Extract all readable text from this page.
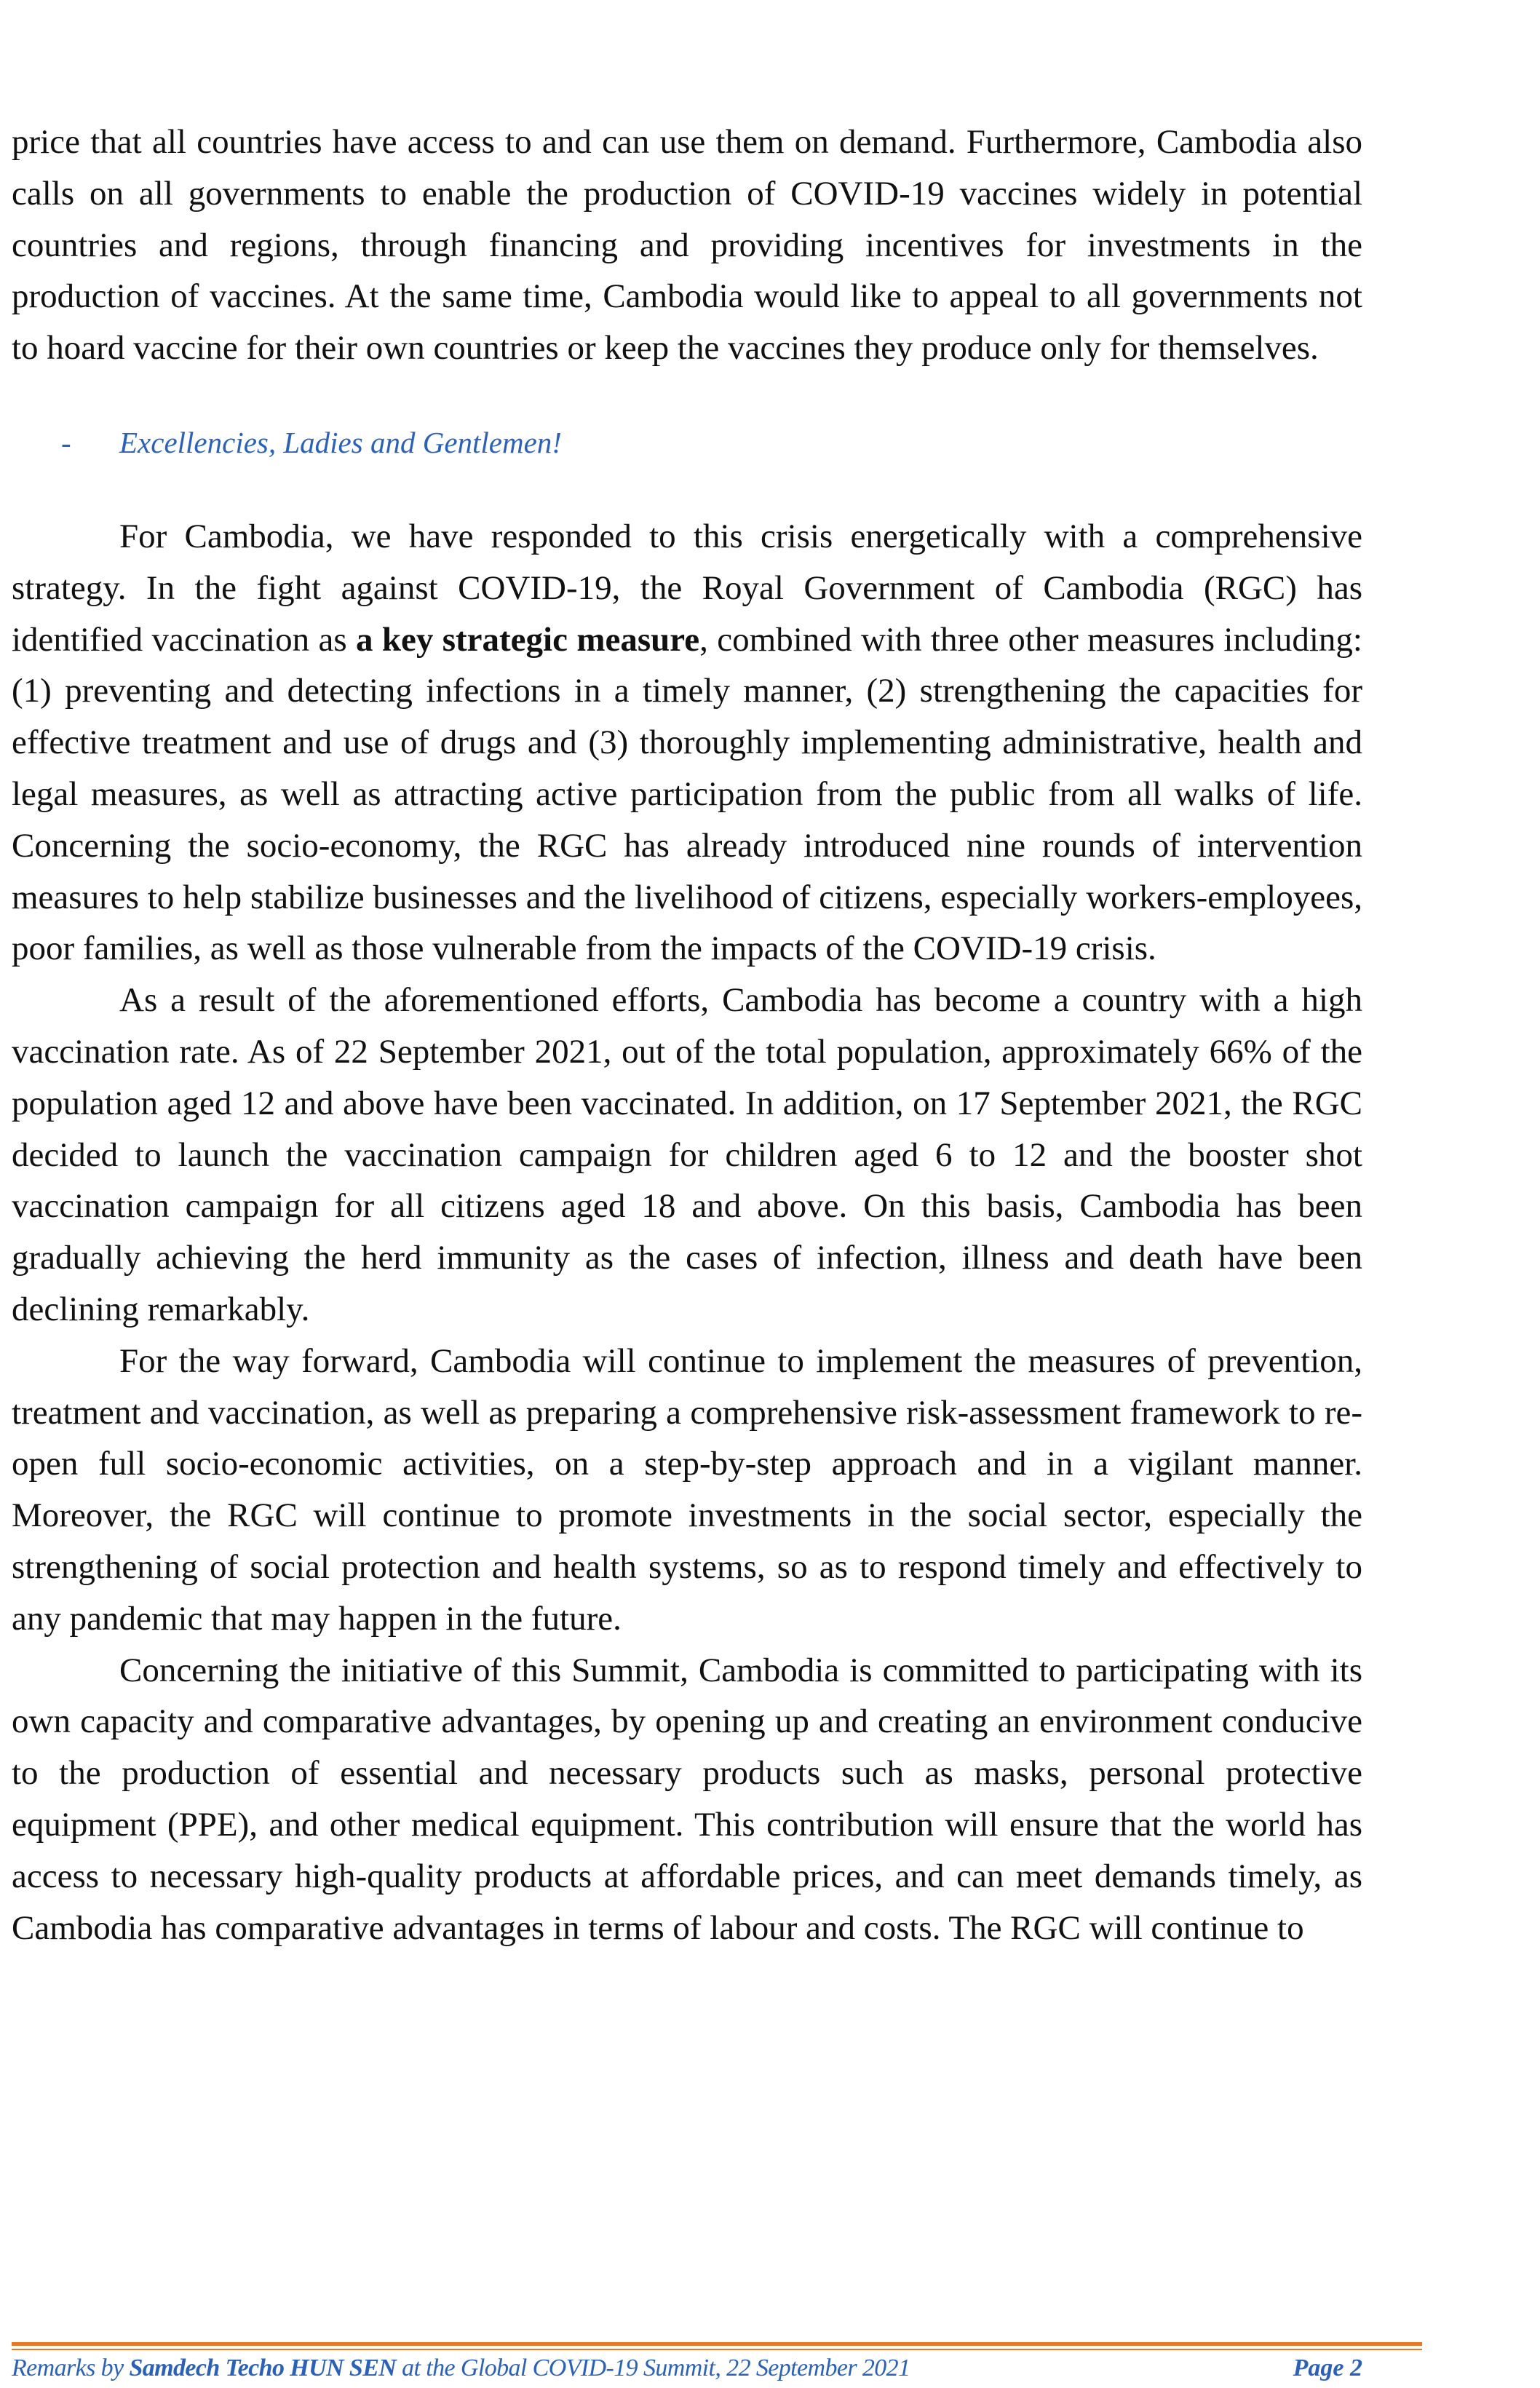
price that all countries have access to and can use them on demand. Furthermore, Cambodia also calls on all governments to enable the production of COVID-19 vaccines widely in potential countries and regions, through financing and providing incentives for investments in the production of vaccines. At the same time, Cambodia would like to appeal to all governments not to hoard vaccine for their own countries or keep the vaccines they produce only for themselves.

-	Excellencies, Ladies and Gentlemen!

For Cambodia, we have responded to this crisis energetically with a comprehensive strategy. In the fight against COVID-19, the Royal Government of Cambodia (RGC) has identified vaccination as a key strategic measure, combined with three other measures including: (1) preventing and detecting infections in a timely manner, (2) strengthening the capacities for effective treatment and use of drugs and (3) thoroughly implementing administrative, health and legal measures, as well as attracting active participation from the public from all walks of life. Concerning the socio-economy, the RGC has already introduced nine rounds of intervention measures to help stabilize businesses and the livelihood of citizens, especially workers-employees, poor families, as well as those vulnerable from the impacts of the COVID-19 crisis.

As a result of the aforementioned efforts, Cambodia has become a country with a high vaccination rate. As of 22 September 2021, out of the total population, approximately 66% of the population aged 12 and above have been vaccinated. In addition, on 17 September 2021, the RGC decided to launch the vaccination campaign for children aged 6 to 12 and the booster shot vaccination campaign for all citizens aged 18 and above. On this basis, Cambodia has been gradually achieving the herd immunity as the cases of infection, illness and death have been declining remarkably.

For the way forward, Cambodia will continue to implement the measures of prevention, treatment and vaccination, as well as preparing a comprehensive risk-assessment framework to re-open full socio-economic activities, on a step-by-step approach and in a vigilant manner. Moreover, the RGC will continue to promote investments in the social sector, especially the strengthening of social protection and health systems, so as to respond timely and effectively to any pandemic that may happen in the future.

Concerning the initiative of this Summit, Cambodia is committed to participating with its own capacity and comparative advantages, by opening up and creating an environment conducive to the production of essential and necessary products such as masks, personal protective equipment (PPE), and other medical equipment. This contribution will ensure that the world has access to necessary high-quality products at affordable prices, and can meet demands timely, as Cambodia has comparative advantages in terms of labour and costs. The RGC will continue to

Remarks by Samdech Techo HUN SEN at the Global COVID-19 Summit, 22 September 2021	Page 2
